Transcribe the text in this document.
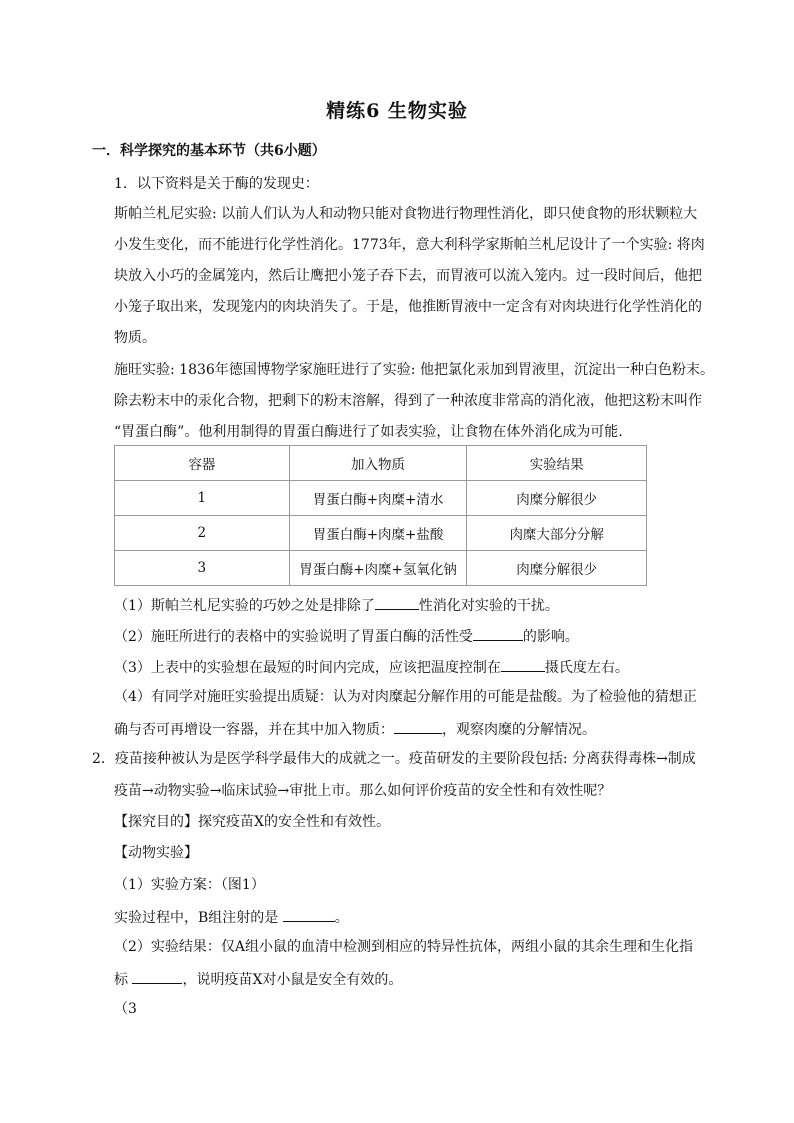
精练6 生物实验
一．科学探究的基本环节（共6小题）
1．以下资料是关于酶的发现史：
斯帕兰札尼实验: 以前人们认为人和动物只能对食物进行物理性消化，即只使食物的形状颗粒大
小发生变化，而不能进行化学性消化。1773年，意大利科学家斯帕兰札尼设计了一个实验: 将肉
块放入小巧的金属笼内，然后让鹰把小笼子吞下去，而胃液可以流入笼内。过一段时间后，他把
小笼子取出来，发现笼内的肉块消失了。于是，他推断胃液中一定含有对肉块进行化学性消化的
物质。
施旺实验: 1836年德国博物学家施旺进行了实验: 他把氯化汞加到胃液里，沉淀出一种白色粉末。
除去粉末中的汞化合物，把剩下的粉末溶解，得到了一种浓度非常高的消化液，他把这粉末叫作
“胃蛋白酶”。他利用制得的胃蛋白酶进行了如表实验，让食物在体外消化成为可能.
容器	加入物质	实验结果
1	胃蛋白酶+肉糜+清水	肉糜分解很少
2	胃蛋白酶+肉糜+盐酸	肉糜大部分分解
3	胃蛋白酶+肉糜+氢氧化钠	肉糜分解很少
（1）斯帕兰札尼实验的巧妙之处是排除了	性消化对实验的干扰。
（2）施旺所进行的表格中的实验说明了胃蛋白酶的活性受	的影响。
（3）上表中的实验想在最短的时间内完成，应该把温度控制在	摄氏度左右。
（4）有同学对施旺实验提出质疑：认为对肉糜起分解作用的可能是盐酸。为了检验他的猜想正
确与否可再增设一容器，并在其中加入物质：	，观察肉糜的分解情况。
2．疫苗接种被认为是医学科学最伟大的成就之一。疫苗研发的主要阶段包括: 分离获得毒株→制成
疫苗→动物实验→临床试验→审批上市。那么如何评价疫苗的安全性和有效性呢？
【探究目的】探究疫苗X的安全性和有效性。
【动物实验】
（1）实验方案：（图1）
实验过程中，B组注射的是	。
（2）实验结果：仅A组小鼠的血清中检测到相应的特异性抗体，两组小鼠的其余生理和生化指
标	，说明疫苗X对小鼠是安全有效的。
（3
